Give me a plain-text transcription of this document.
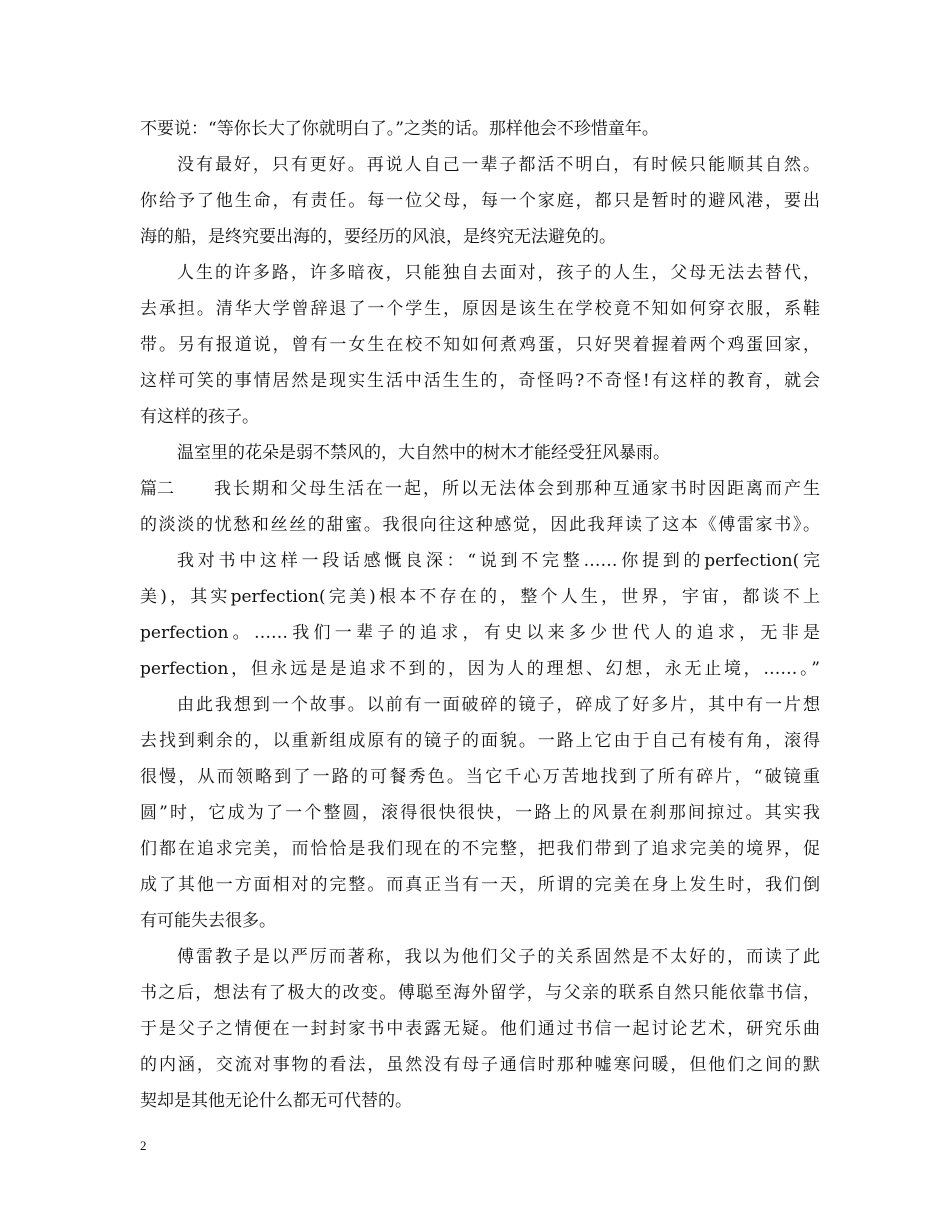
不要说：“等你长大了你就明白了。”之类的话。那样他会不珍惜童年。
没有最好，只有更好。再说人自己一辈子都活不明白，有时候只能顺其自然。
你给予了他生命，有责任。每一位父母，每一个家庭，都只是暂时的避风港，要出
海的船，是终究要出海的，要经历的风浪，是终究无法避免的。
人生的许多路，许多暗夜，只能独自去面对，孩子的人生，父母无法去替代，
去承担。清华大学曾辞退了一个学生，原因是该生在学校竟不知如何穿衣服，系鞋
带。另有报道说，曾有一女生在校不知如何煮鸡蛋，只好哭着握着两个鸡蛋回家，
这样可笑的事情居然是现实生活中活生生的，奇怪吗?不奇怪!有这样的教育，就会
有这样的孩子。
温室里的花朵是弱不禁风的，大自然中的树木才能经受狂风暴雨。
篇二 我长期和父母生活在一起，所以无法体会到那种互通家书时因距离而产生
的淡淡的忧愁和丝丝的甜蜜。我很向往这种感觉，因此我拜读了这本《傅雷家书》。
我对书中这样一段话感慨良深：“说到不完整……你提到的perfection(完
美)，其实perfection(完美)根本不存在的，整个人生，世界，宇宙，都谈不上
perfection。……我们一辈子的追求，有史以来多少世代人的追求，无非是
perfection，但永远是是追求不到的，因为人的理想、幻想，永无止境，……。”
由此我想到一个故事。以前有一面破碎的镜子，碎成了好多片，其中有一片想
去找到剩余的，以重新组成原有的镜子的面貌。一路上它由于自己有棱有角，滚得
很慢，从而领略到了一路的可餐秀色。当它千心万苦地找到了所有碎片，“破镜重
圆”时，它成为了一个整圆，滚得很快很快，一路上的风景在刹那间掠过。其实我
们都在追求完美，而恰恰是我们现在的不完整，把我们带到了追求完美的境界，促
成了其他一方面相对的完整。而真正当有一天，所谓的完美在身上发生时，我们倒
有可能失去很多。
傅雷教子是以严厉而著称，我以为他们父子的关系固然是不太好的，而读了此
书之后，想法有了极大的改变。傅聪至海外留学，与父亲的联系自然只能依靠书信，
于是父子之情便在一封封家书中表露无疑。他们通过书信一起讨论艺术，研究乐曲
的内涵，交流对事物的看法，虽然没有母子通信时那种嘘寒问暖，但他们之间的默
契却是其他无论什么都无可代替的。
2
